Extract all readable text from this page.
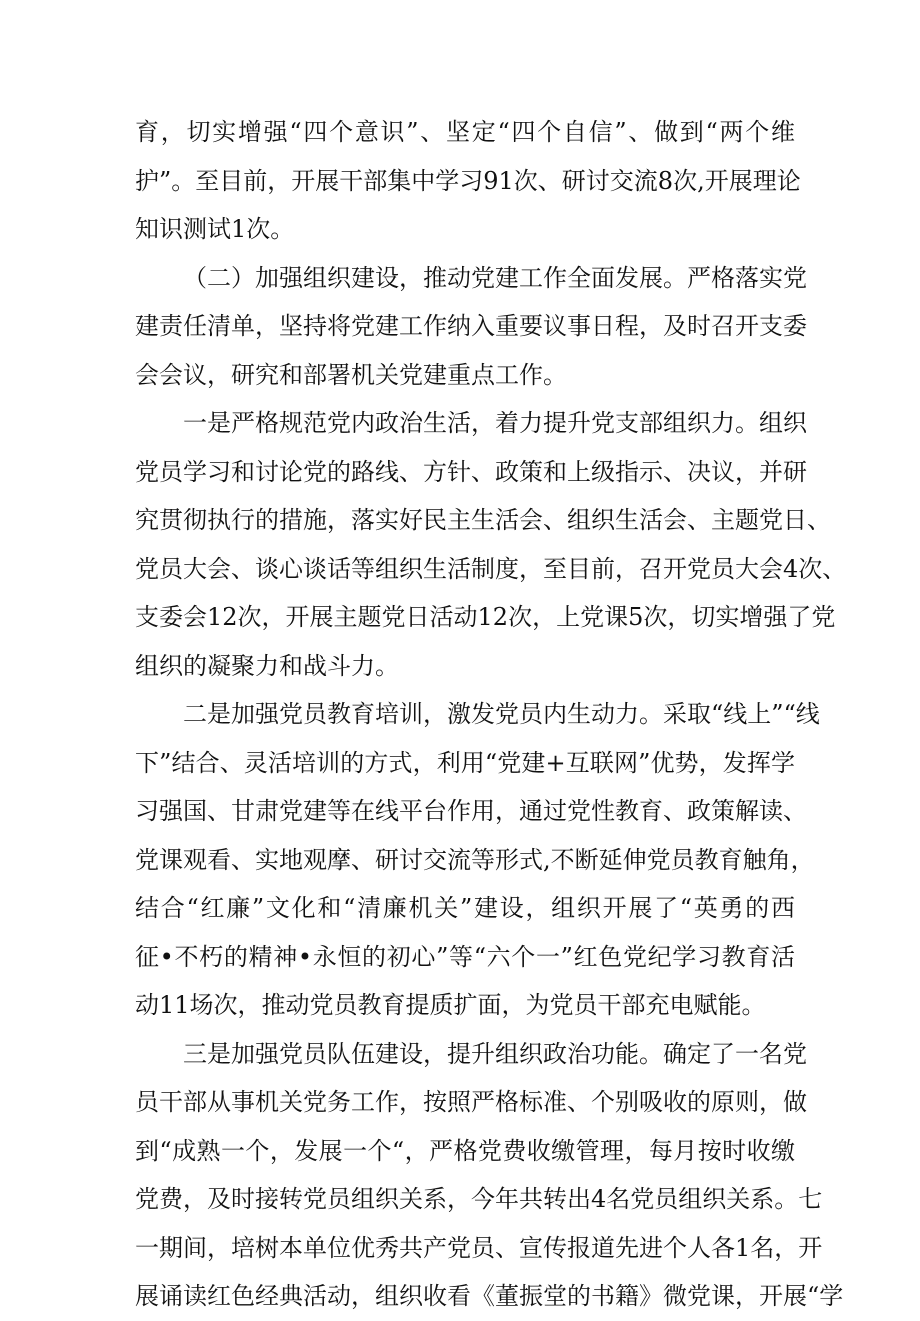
育，切实增强“四个意识”、坚定“四个自信”、做到“两个维
护”。至目前，开展干部集中学习91次、研讨交流8次,开展理论
知识测试1次。
（二）加强组织建设，推动党建工作全面发展。严格落实党
建责任清单，坚持将党建工作纳入重要议事日程，及时召开支委
会会议，研究和部署机关党建重点工作。
一是严格规范党内政治生活，着力提升党支部组织力。组织
党员学习和讨论党的路线、方针、政策和上级指示、决议，并研
究贯彻执行的措施，落实好民主生活会、组织生活会、主题党日、
党员大会、谈心谈话等组织生活制度，至目前，召开党员大会4次、
支委会12次，开展主题党日活动12次，上党课5次，切实增强了党
组织的凝聚力和战斗力。
二是加强党员教育培训，激发党员内生动力。采取“线上”“线
下”结合、灵活培训的方式，利用“党建+互联网”优势，发挥学
习强国、甘肃党建等在线平台作用，通过党性教育、政策解读、
党课观看、实地观摩、研讨交流等形式,不断延伸党员教育触角，
结合“红廉”文化和“清廉机关”建设，组织开展了“英勇的西
征•不朽的精神•永恒的初心”等“六个一”红色党纪学习教育活
动11场次，推动党员教育提质扩面，为党员干部充电赋能。
三是加强党员队伍建设，提升组织政治功能。确定了一名党
员干部从事机关党务工作，按照严格标准、个别吸收的原则，做
到“成熟一个，发展一个“，严格党费收缴管理，每月按时收缴
党费，及时接转党员组织关系，今年共转出4名党员组织关系。七
一期间，培树本单位优秀共产党员、宣传报道先进个人各1名，开
展诵读红色经典活动，组织收看《董振堂的书籍》微党课，开展“学
